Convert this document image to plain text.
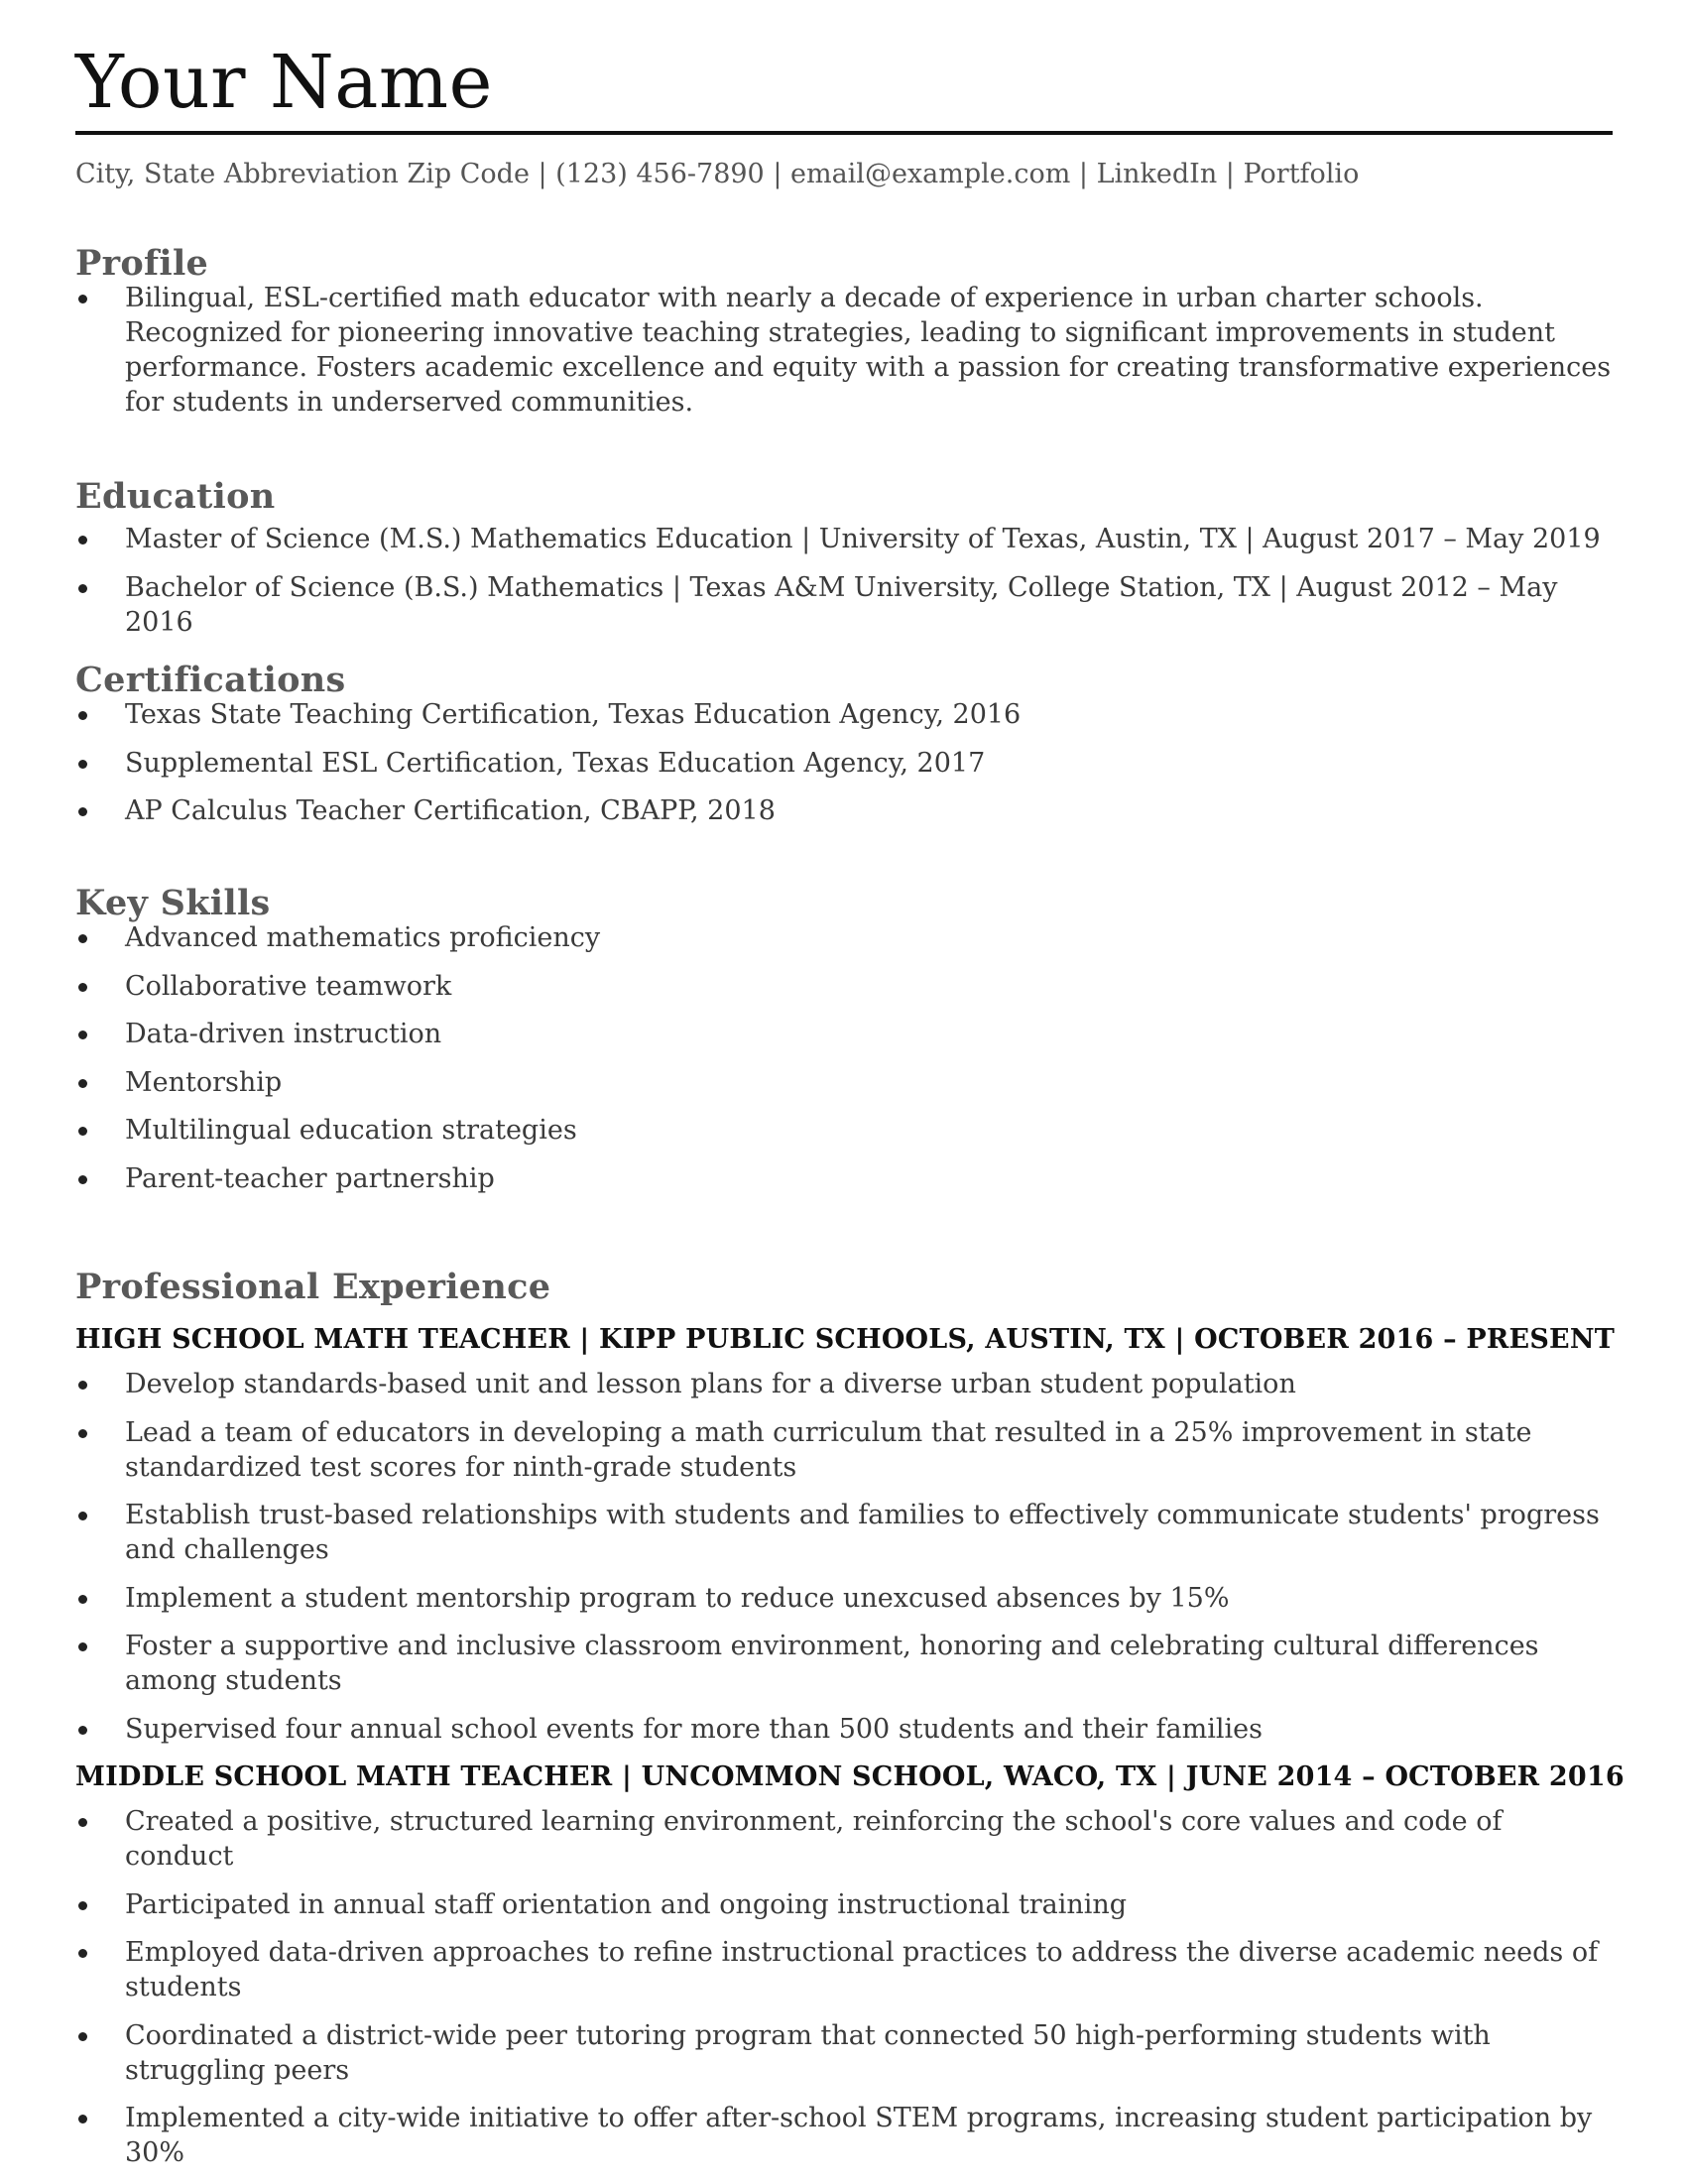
Your Name
City, State Abbreviation Zip Code | (123) 456-7890 | email@example.com | LinkedIn | Portfolio
Profile
Bilingual, ESL-certified math educator with nearly a decade of experience in urban charter schools. Recognized for pioneering innovative teaching strategies, leading to significant improvements in student performance. Fosters academic excellence and equity with a passion for creating transformative experiences for students in underserved communities.
Education
Master of Science (M.S.) Mathematics Education | University of Texas, Austin, TX | August 2017 – May 2019
Bachelor of Science (B.S.) Mathematics | Texas A&M University, College Station, TX | August 2012 – May 2016
Certifications
Texas State Teaching Certification, Texas Education Agency, 2016
Supplemental ESL Certification, Texas Education Agency, 2017
AP Calculus Teacher Certification, CBAPP, 2018
Key Skills
Advanced mathematics proficiency
Collaborative teamwork
Data-driven instruction
Mentorship
Multilingual education strategies
Parent-teacher partnership
Professional Experience
HIGH SCHOOL MATH TEACHER | KIPP PUBLIC SCHOOLS, AUSTIN, TX | OCTOBER 2016 – PRESENT
Develop standards-based unit and lesson plans for a diverse urban student population
Lead a team of educators in developing a math curriculum that resulted in a 25% improvement in state standardized test scores for ninth-grade students
Establish trust-based relationships with students and families to effectively communicate students' progress and challenges
Implement a student mentorship program to reduce unexcused absences by 15%
Foster a supportive and inclusive classroom environment, honoring and celebrating cultural differences among students
Supervised four annual school events for more than 500 students and their families
MIDDLE SCHOOL MATH TEACHER | UNCOMMON SCHOOL, WACO, TX | JUNE 2014 – OCTOBER 2016
Created a positive, structured learning environment, reinforcing the school's core values and code of conduct
Participated in annual staff orientation and ongoing instructional training
Employed data-driven approaches to refine instructional practices to address the diverse academic needs of students
Coordinated a district-wide peer tutoring program that connected 50 high-performing students with struggling peers
Implemented a city-wide initiative to offer after-school STEM programs, increasing student participation by 30%
